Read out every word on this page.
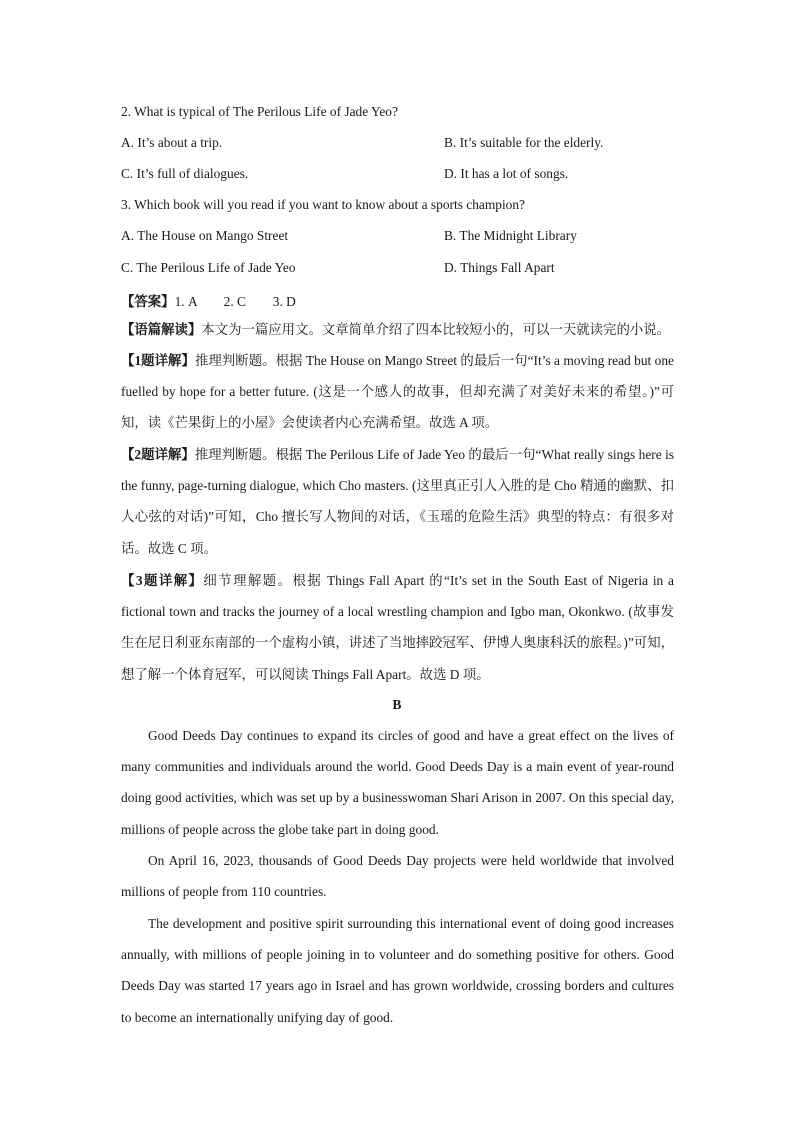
2. What is typical of The Perilous Life of Jade Yeo?
A. It’s about a trip.	B. It’s suitable for the elderly.
C. It’s full of dialogues.	D. It has a lot of songs.
3. Which book will you read if you want to know about a sports champion?
A. The House on Mango Street	B. The Midnight Library
C. The Perilous Life of Jade Yeo	D. Things Fall Apart
【答案】1. A　　2. C　　3. D

【语篇解读】本文为一篇应用文。文章简单介绍了四本比较短小的，可以一天就读完的小说。

【1题详解】推理判断题。根据 The House on Mango Street 的最后一句“It’s a moving read but one fuelled by hope for a better future. (这是一个感人的故事，但却充满了对美好未来的希望。)”可知，读《芒果街上的小屋》会使读者内心充满希望。故选 A 项。

【2题详解】推理判断题。根据 The Perilous Life of Jade Yeo 的最后一句“What really sings here is the funny, page-turning dialogue, which Cho masters. (这里真正引人入胜的是 Cho 精通的幽默、扣人心弦的对话)”可知，Cho 擅长写人物间的对话，《玉瑶的危险生活》典型的特点：有很多对话。故选 C 项。

【3题详解】细节理解题。根据 Things Fall Apart 的“It’s set in the South East of Nigeria in a fictional town and tracks the journey of a local wrestling champion and Igbo man, Okonkwo. (故事发生在尼日利亚东南部的一个虚构小镇，讲述了当地摔跤冠军、伊博人奥康科沃的旅程。)”可知，想了解一个体育冠军，可以阅读 Things Fall Apart。故选 D 项。

B

Good Deeds Day continues to expand its circles of good and have a great effect on the lives of many communities and individuals around the world. Good Deeds Day is a main event of year-round doing good activities, which was set up by a businesswoman Shari Arison in 2007. On this special day, millions of people across the globe take part in doing good.

On April 16, 2023, thousands of Good Deeds Day projects were held worldwide that involved millions of people from 110 countries.

The development and positive spirit surrounding this international event of doing good increases annually, with millions of people joining in to volunteer and do something positive for others. Good Deeds Day was started 17 years ago in Israel and has grown worldwide, crossing borders and cultures to become an internationally unifying day of good.
